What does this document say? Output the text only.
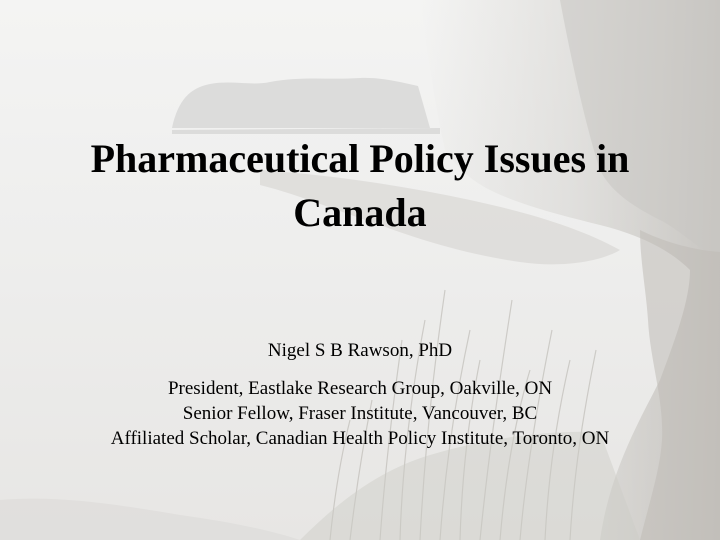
Pharmaceutical Policy Issues in
Canada

Nigel S B Rawson, PhD

President, Eastlake Research Group, Oakville, ON
Senior Fellow, Fraser Institute, Vancouver, BC
Affiliated Scholar, Canadian Health Policy Institute, Toronto, ON
